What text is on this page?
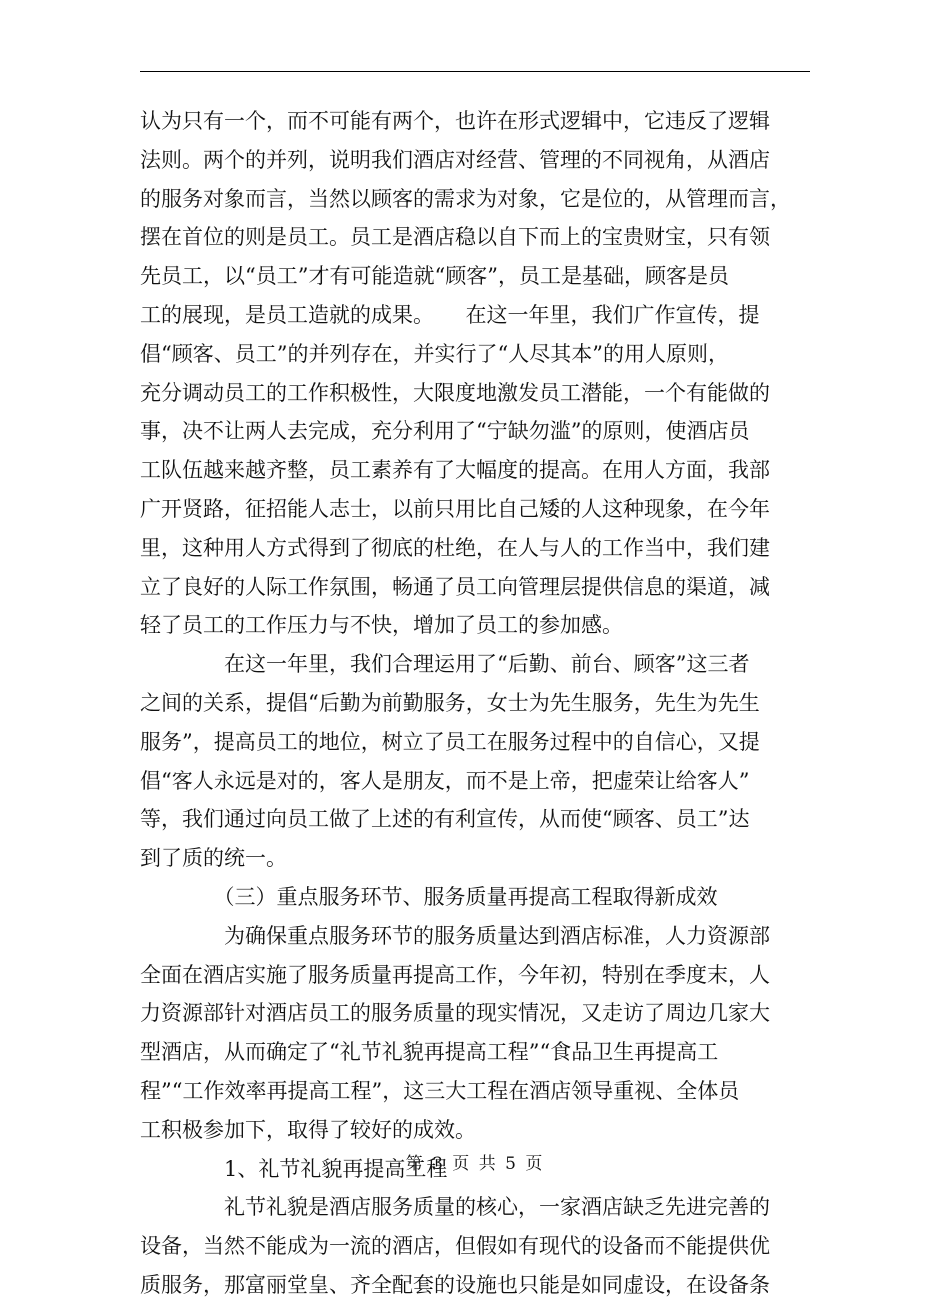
认为只有一个，而不可能有两个，也许在形式逻辑中，它违反了逻辑
法则。两个的并列，说明我们酒店对经营、管理的不同视角，从酒店
的服务对象而言，当然以顾客的需求为对象，它是位的，从管理而言，
摆在首位的则是员工。员工是酒店稳以自下而上的宝贵财宝，只有领
先员工，以“员工”才有可能造就“顾客”，员工是基础，顾客是员
工的展现，是员工造就的成果。　　在这一年里，我们广作宣传，提
倡“顾客、员工”的并列存在，并实行了“人尽其本”的用人原则，
充分调动员工的工作积极性，大限度地激发员工潜能，一个有能做的
事，决不让两人去完成，充分利用了“宁缺勿滥”的原则，使酒店员
工队伍越来越齐整，员工素养有了大幅度的提高。在用人方面，我部
广开贤路，征招能人志士，以前只用比自己矮的人这种现象，在今年
里，这种用人方式得到了彻底的杜绝，在人与人的工作当中，我们建
立了良好的人际工作氛围，畅通了员工向管理层提供信息的渠道，减
轻了员工的工作压力与不快，增加了员工的参加感。
　　　　在这一年里，我们合理运用了“后勤、前台、顾客”这三者
之间的关系，提倡“后勤为前勤服务，女士为先生服务，先生为先生
服务”，提高员工的地位，树立了员工在服务过程中的自信心，又提
倡“客人永远是对的，客人是朋友，而不是上帝，把虚荣让给客人”
等，我们通过向员工做了上述的有利宣传，从而使“顾客、员工”达
到了质的统一。
　　　　（三）重点服务环节、服务质量再提高工程取得新成效
　　　　为确保重点服务环节的服务质量达到酒店标准，人力资源部
全面在酒店实施了服务质量再提高工作，今年初，特别在季度末，人
力资源部针对酒店员工的服务质量的现实情况，又走访了周边几家大
型酒店，从而确定了“礼节礼貌再提高工程”“食品卫生再提高工
程”“工作效率再提高工程”，这三大工程在酒店领导重视、全体员
工积极参加下，取得了较好的成效。
　　　　1、礼节礼貌再提高工程
　　　　礼节礼貌是酒店服务质量的核心，一家酒店缺乏先进完善的
设备，当然不能成为一流的酒店，但假如有现代的设备而不能提供优
质服务，那富丽堂皇、齐全配套的设施也只能是如同虚设，在设备条
第 3 页 共 5 页
